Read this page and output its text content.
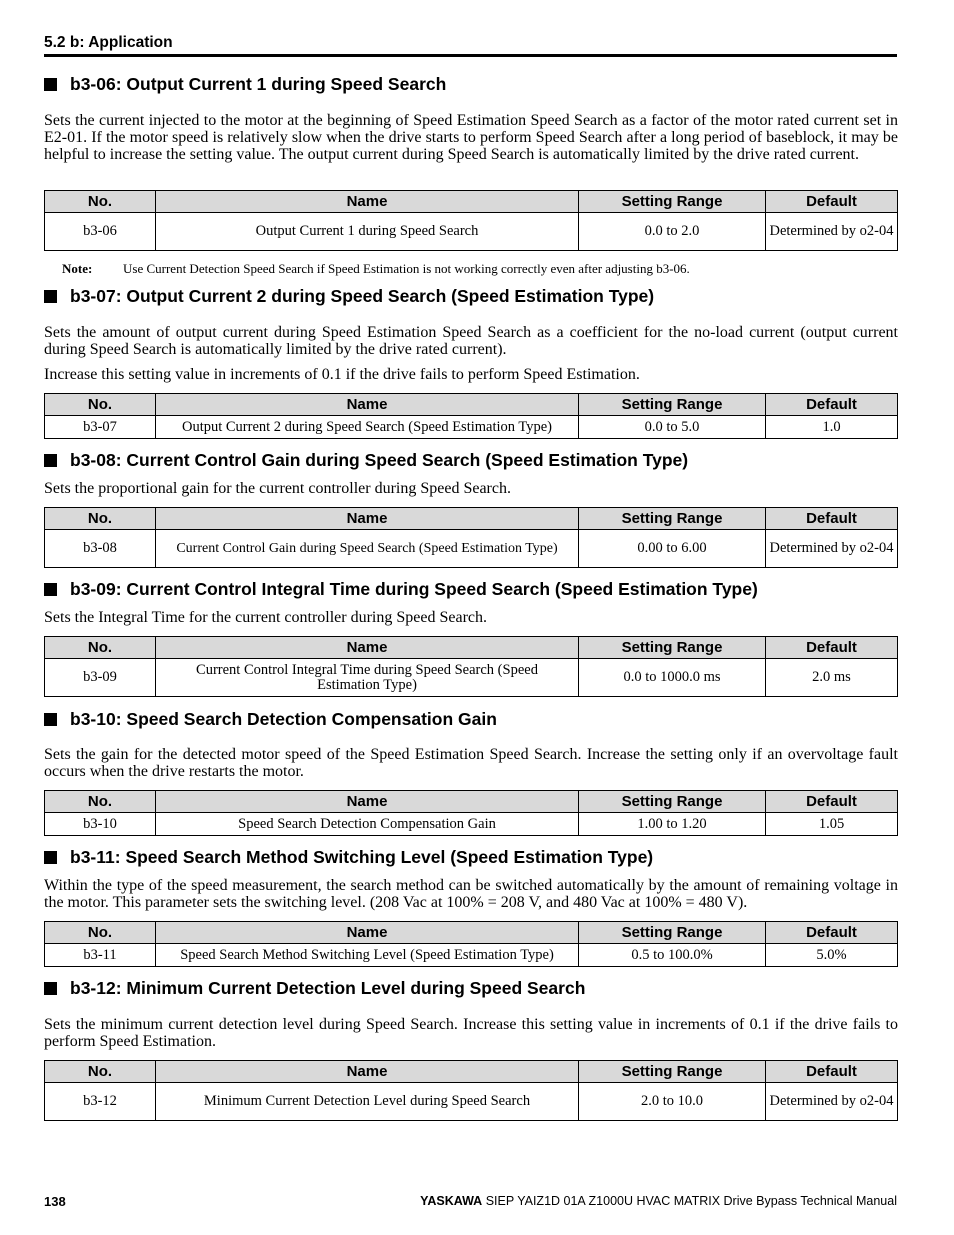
5.2 b: Application
b3-06: Output Current 1 during Speed Search
Sets the current injected to the motor at the beginning of Speed Estimation Speed Search as a factor of the motor rated current set in E2-01. If the motor speed is relatively slow when the drive starts to perform Speed Search after a long period of baseblock, it may be helpful to increase the setting value. The output current during Speed Search is automatically limited by the drive rated current.
No.	Name	Setting Range	Default
b3-06	Output Current 1 during Speed Search	0.0 to 2.0	Determined by o2-04
Note: Use Current Detection Speed Search if Speed Estimation is not working correctly even after adjusting b3-06.
b3-07: Output Current 2 during Speed Search (Speed Estimation Type)
Sets the amount of output current during Speed Estimation Speed Search as a coefficient for the no-load current (output current during Speed Search is automatically limited by the drive rated current).
Increase this setting value in increments of 0.1 if the drive fails to perform Speed Estimation.
No.	Name	Setting Range	Default
b3-07	Output Current 2 during Speed Search (Speed Estimation Type)	0.0 to 5.0	1.0
b3-08: Current Control Gain during Speed Search (Speed Estimation Type)
Sets the proportional gain for the current controller during Speed Search.
No.	Name	Setting Range	Default
b3-08	Current Control Gain during Speed Search (Speed Estimation Type)	0.00 to 6.00	Determined by o2-04
b3-09: Current Control Integral Time during Speed Search (Speed Estimation Type)
Sets the Integral Time for the current controller during Speed Search.
No.	Name	Setting Range	Default
b3-09	Current Control Integral Time during Speed Search (Speed Estimation Type)	0.0 to 1000.0 ms	2.0 ms
b3-10: Speed Search Detection Compensation Gain
Sets the gain for the detected motor speed of the Speed Estimation Speed Search. Increase the setting only if an overvoltage fault occurs when the drive restarts the motor.
No.	Name	Setting Range	Default
b3-10	Speed Search Detection Compensation Gain	1.00 to 1.20	1.05
b3-11: Speed Search Method Switching Level (Speed Estimation Type)
Within the type of the speed measurement, the search method can be switched automatically by the amount of remaining voltage in the motor. This parameter sets the switching level. (208 Vac at 100% = 208 V, and 480 Vac at 100% = 480 V).
No.	Name	Setting Range	Default
b3-11	Speed Search Method Switching Level (Speed Estimation Type)	0.5 to 100.0%	5.0%
b3-12: Minimum Current Detection Level during Speed Search
Sets the minimum current detection level during Speed Search. Increase this setting value in increments of 0.1 if the drive fails to perform Speed Estimation.
No.	Name	Setting Range	Default
b3-12	Minimum Current Detection Level during Speed Search	2.0 to 10.0	Determined by o2-04
138	YASKAWA SIEP YAIZ1D 01A Z1000U HVAC MATRIX Drive Bypass Technical Manual
